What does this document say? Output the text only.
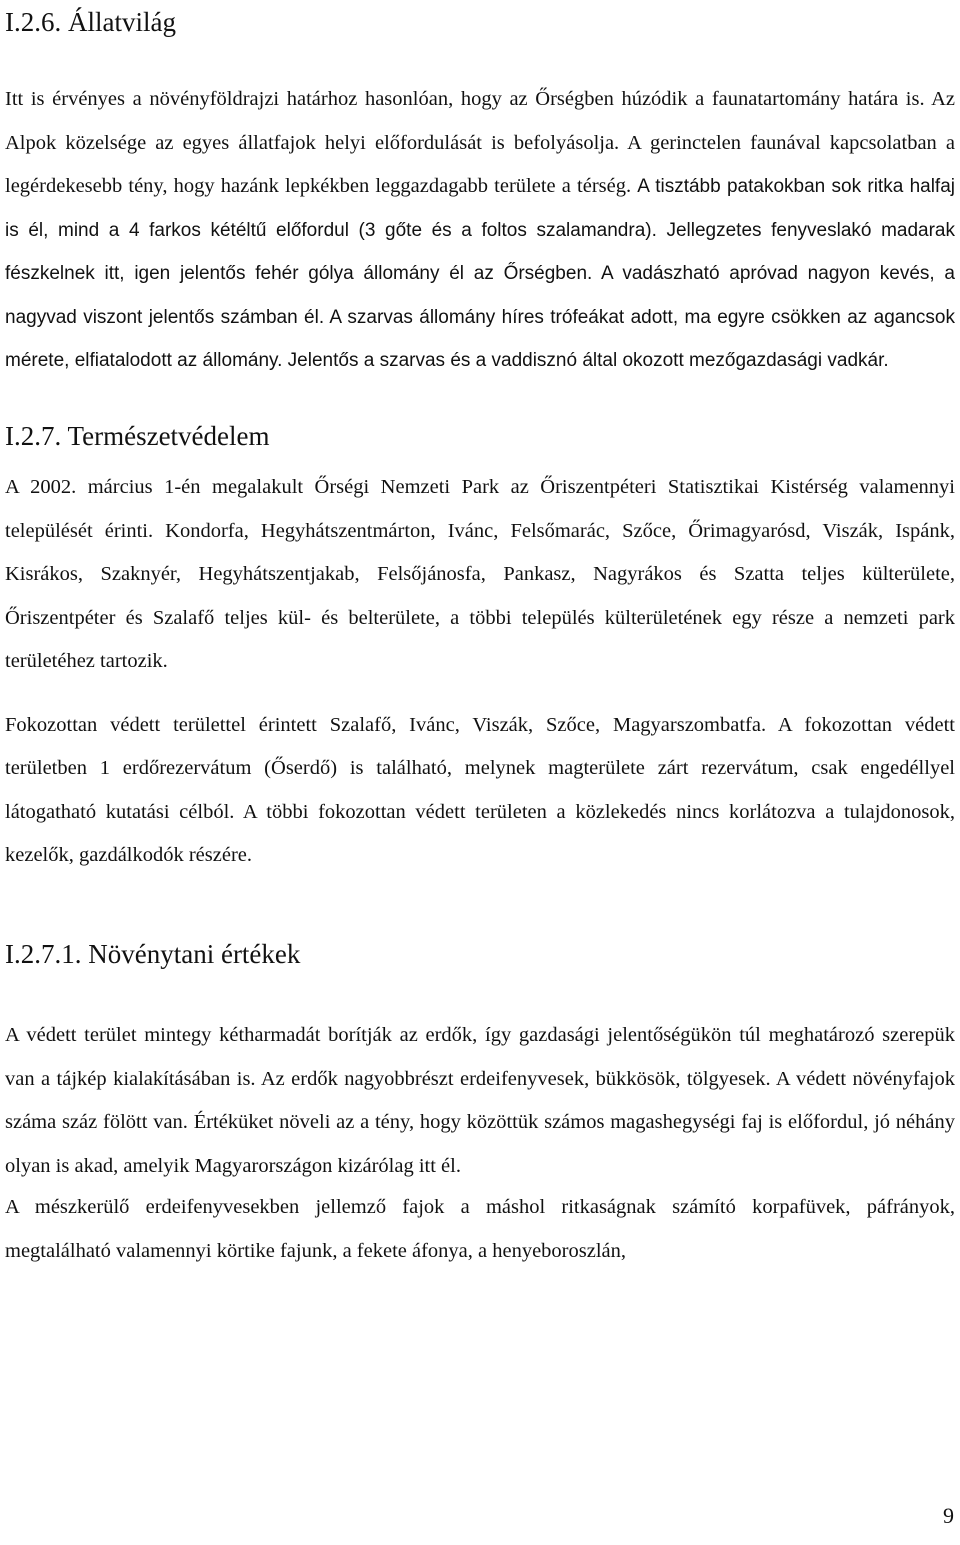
I.2.6. Állatvilág

Itt is érvényes a növényföldrajzi határhoz hasonlóan, hogy az Őrségben húzódik a faunatartomány határa is. Az Alpok közelsége az egyes állatfajok helyi előfordulását is befolyásolja. A gerinctelen faunával kapcsolatban a legérdekesebb tény, hogy hazánk lepkékben leggazdagabb területe a térség. A tisztább patakokban sok ritka halfaj is él, mind a 4 farkos kétéltű előfordul (3 gőte és a foltos szalamandra). Jellegzetes fenyveslakó madarak fészkelnek itt, igen jelentős fehér gólya állomány él az Őrségben. A vadászható apróvad nagyon kevés, a nagyvad viszont jelentős számban él. A szarvas állomány híres trófeákat adott, ma egyre csökken az agancsok mérete, elfiatalodott az állomány. Jelentős a szarvas és a vaddisznó által okozott mezőgazdasági vadkár.

I.2.7. Természetvédelem

A 2002. március 1-én megalakult Őrségi Nemzeti Park az Őriszentpéteri Statisztikai Kistérség valamennyi települését érinti. Kondorfa, Hegyhátszentmárton, Ivánc, Felsőmarác, Szőce, Őrimagyarósd, Viszák, Ispánk, Kisrákos, Szaknyér, Hegyhátszentjakab, Felsőjánosfa, Pankasz, Nagyrákos és Szatta teljes külterülete, Őriszentpéter és Szalafő teljes kül- és belterülete, a többi település külterületének egy része a nemzeti park területéhez tartozik.

Fokozottan védett területtel érintett Szalafő, Ivánc, Viszák, Szőce, Magyarszombatfa. A fokozottan védett területben 1 erdőrezervátum (Őserdő) is található, melynek magterülete zárt rezervátum, csak engedéllyel látogatható kutatási célból. A többi fokozottan védett területen a közlekedés nincs korlátozva a tulajdonosok, kezelők, gazdálkodók részére.

I.2.7.1. Növénytani értékek

A védett terület mintegy kétharmadát borítják az erdők, így gazdasági jelentőségükön túl meghatározó szerepük van a tájkép kialakításában is. Az erdők nagyobbrészt erdeifenyvesek, bükkösök, tölgyesek. A védett növényfajok száma száz fölött van. Értéküket növeli az a tény, hogy közöttük számos magashegységi faj is előfordul, jó néhány olyan is akad, amelyik Magyarországon kizárólag itt él.

A mészkerülő erdeifenyvesekben jellemző fajok a máshol ritkaságnak számító korpafüvek, páfrányok, megtalálható valamennyi körtike fajunk, a fekete áfonya, a henyeboroszlán,

9
